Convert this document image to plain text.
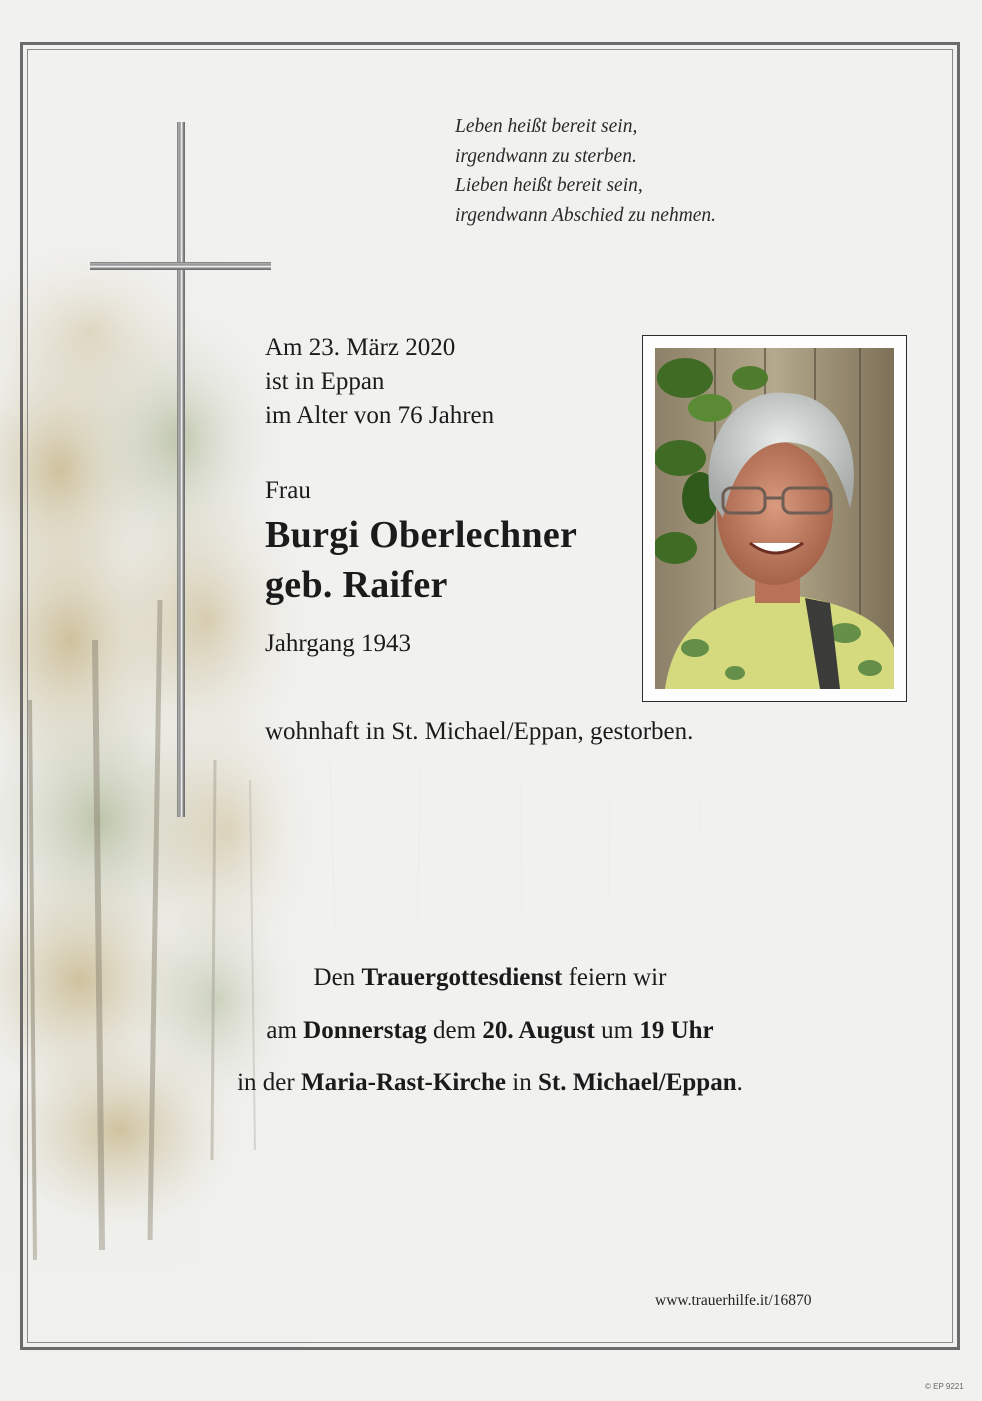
Leben heißt bereit sein,
irgendwann zu sterben.
Lieben heißt bereit sein,
irgendwann Abschied zu nehmen.
Am 23. März 2020
ist in Eppan
im Alter von 76 Jahren
Frau
Burgi Oberlechner
geb. Raifer
Jahrgang 1943
wohnhaft in St. Michael/Eppan, gestorben.
Den Trauergottesdienst feiern wir
am Donnerstag dem 20. August um 19 Uhr
in der Maria-Rast-Kirche in St. Michael/Eppan.
www.trauerhilfe.it/16870
© EP 9221
